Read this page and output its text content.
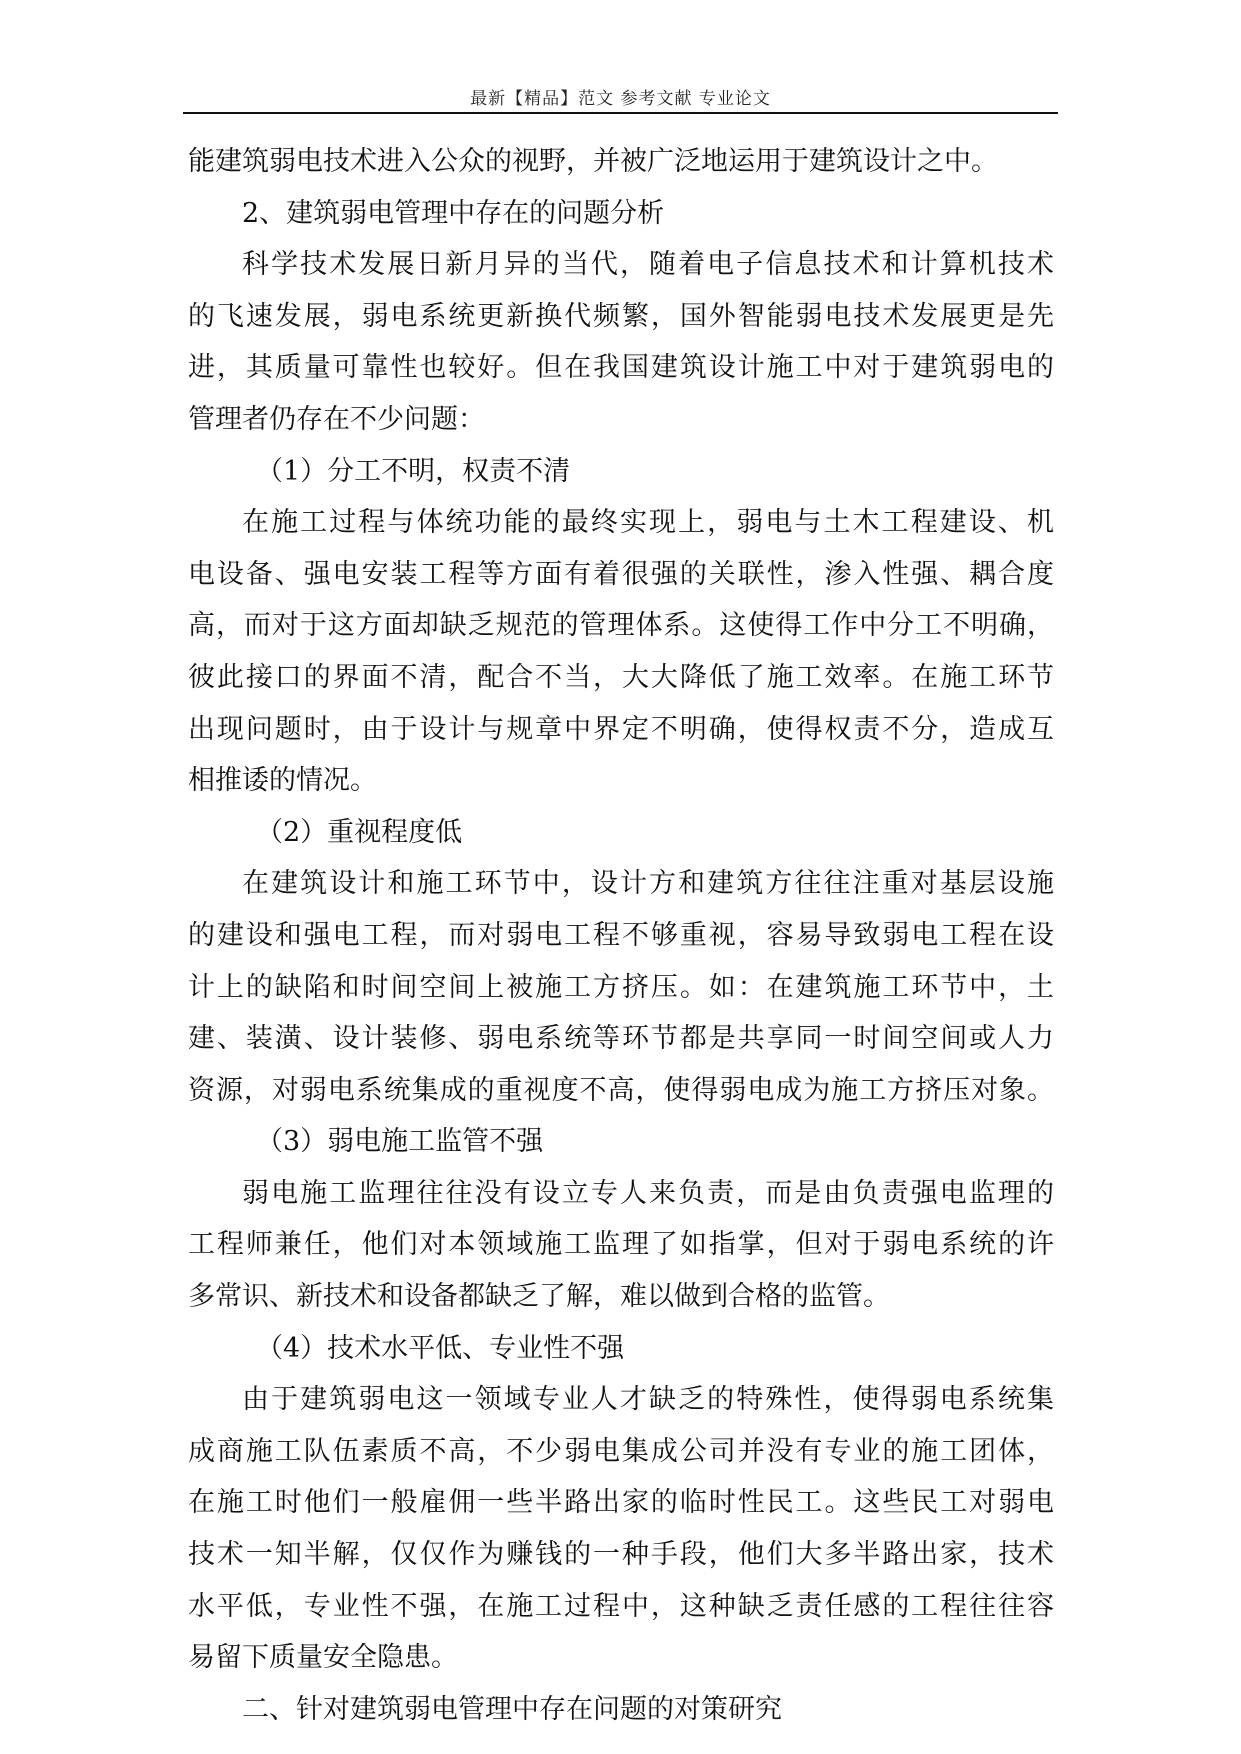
最新【精品】范文 参考文献 专业论文
能建筑弱电技术进入公众的视野，并被广泛地运用于建筑设计之中。
2、建筑弱电管理中存在的问题分析
科学技术发展日新月异的当代，随着电子信息技术和计算机技术
的飞速发展，弱电系统更新换代频繁，国外智能弱电技术发展更是先
进，其质量可靠性也较好。但在我国建筑设计施工中对于建筑弱电的
管理者仍存在不少问题：
（1）分工不明，权责不清
在施工过程与体统功能的最终实现上，弱电与土木工程建设、机
电设备、强电安装工程等方面有着很强的关联性，渗入性强、耦合度
高，而对于这方面却缺乏规范的管理体系。这使得工作中分工不明确，
彼此接口的界面不清，配合不当，大大降低了施工效率。在施工环节
出现问题时，由于设计与规章中界定不明确，使得权责不分，造成互
相推诿的情况。
（2）重视程度低
在建筑设计和施工环节中，设计方和建筑方往往注重对基层设施
的建设和强电工程，而对弱电工程不够重视，容易导致弱电工程在设
计上的缺陷和时间空间上被施工方挤压。如：在建筑施工环节中，土
建、装潢、设计装修、弱电系统等环节都是共享同一时间空间或人力
资源，对弱电系统集成的重视度不高，使得弱电成为施工方挤压对象。
（3）弱电施工监管不强
弱电施工监理往往没有设立专人来负责，而是由负责强电监理的
工程师兼任，他们对本领域施工监理了如指掌，但对于弱电系统的许
多常识、新技术和设备都缺乏了解，难以做到合格的监管。
（4）技术水平低、专业性不强
由于建筑弱电这一领域专业人才缺乏的特殊性，使得弱电系统集
成商施工队伍素质不高，不少弱电集成公司并没有专业的施工团体，
在施工时他们一般雇佣一些半路出家的临时性民工。这些民工对弱电
技术一知半解，仅仅作为赚钱的一种手段，他们大多半路出家，技术
水平低，专业性不强，在施工过程中，这种缺乏责任感的工程往往容
易留下质量安全隐患。
二、针对建筑弱电管理中存在问题的对策研究
